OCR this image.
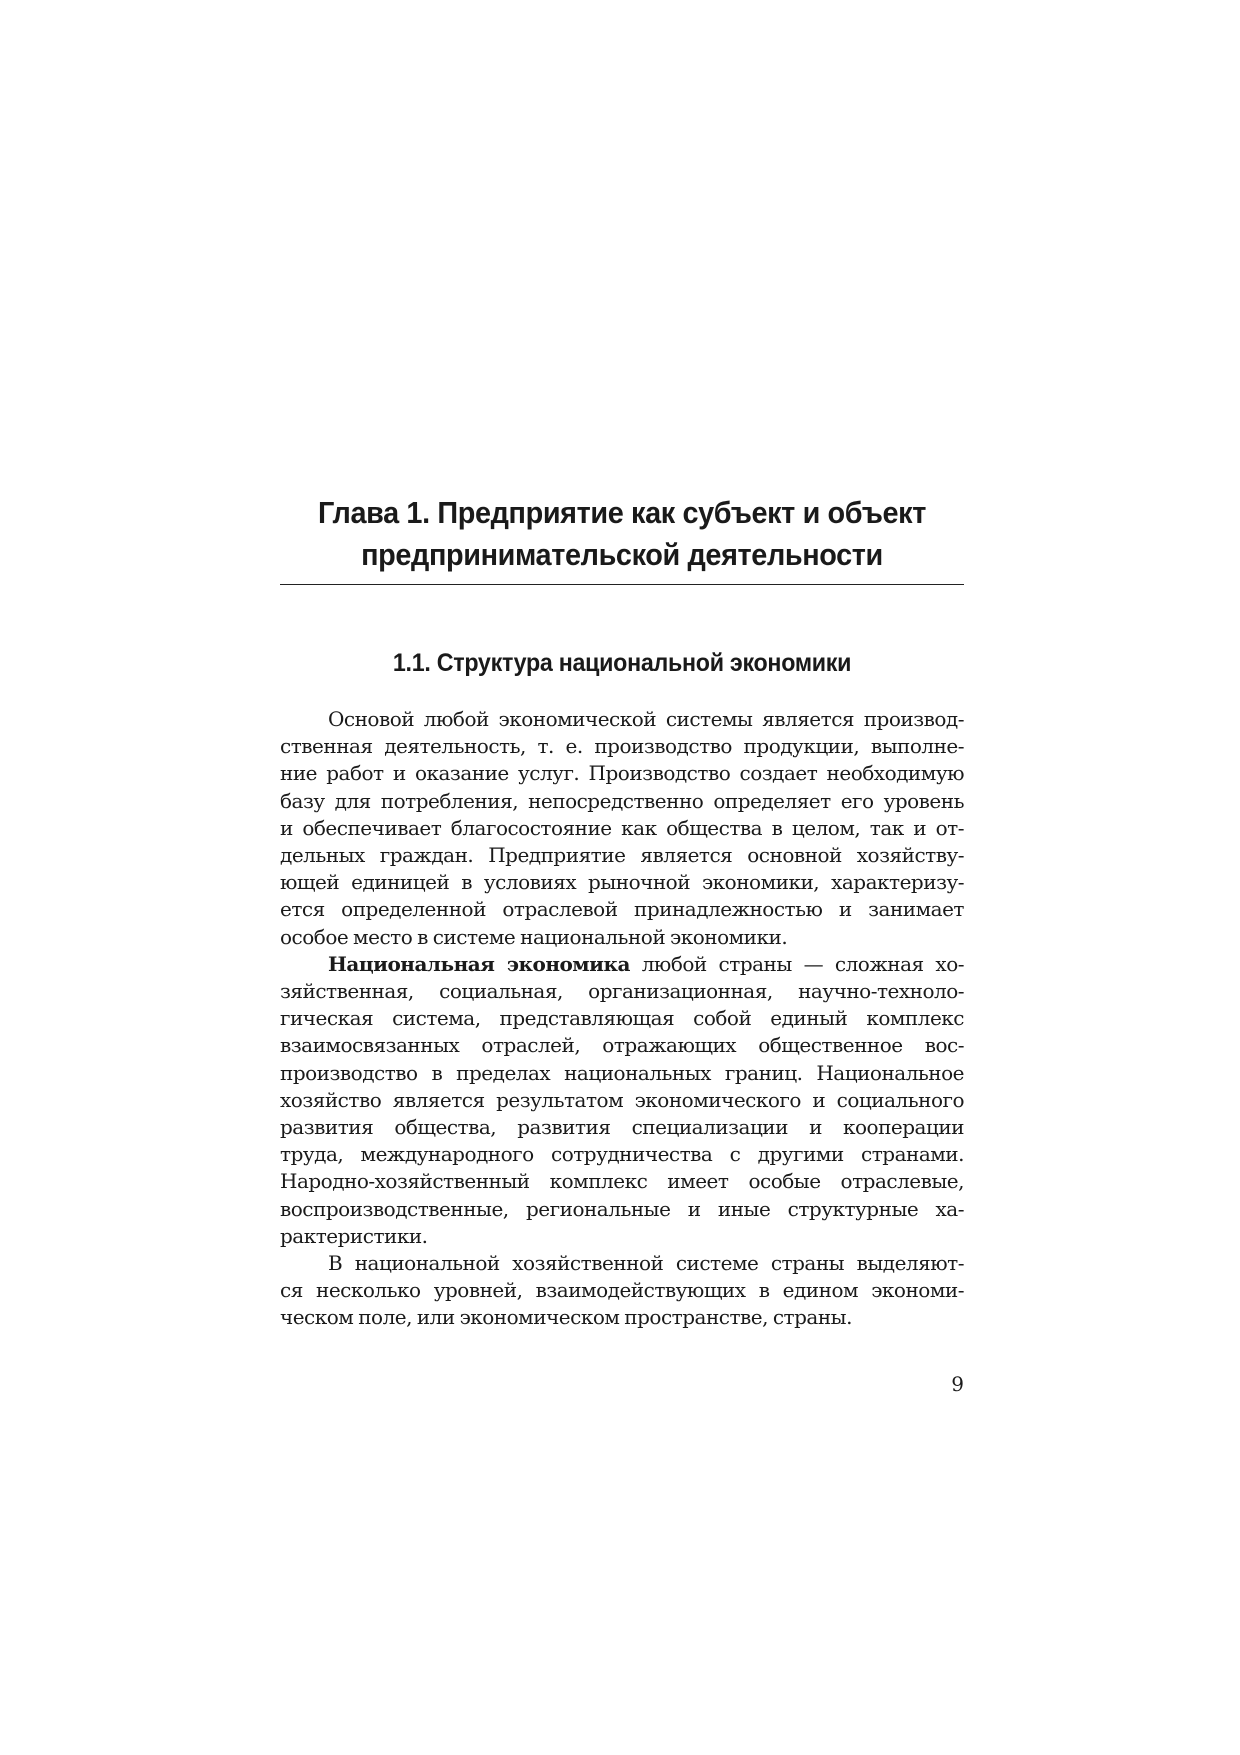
Глава 1. Предприятие как субъект и объект
предпринимательской деятельности
1.1. Структура национальной экономики
Основой любой экономической системы является производ-
ственная деятельность, т. е. производство продукции, выполне-
ние работ и оказание услуг. Производство создает необходимую
базу для потребления, непосредственно определяет его уровень
и обеспечивает благосостояние как общества в целом, так и от-
дельных граждан. Предприятие является основной хозяйству-
ющей единицей в условиях рыночной экономики, характеризу-
ется определенной отраслевой принадлежностью и занимает
особое место в системе национальной экономики.
Национальная экономика любой страны — сложная хо-
зяйственная, социальная, организационная, научно-техноло-
гическая система, представляющая собой единый комплекс
взаимосвязанных отраслей, отражающих общественное вос-
производство в пределах национальных границ. Национальное
хозяйство является результатом экономического и социального
развития общества, развития специализации и кооперации
труда, международного сотрудничества с другими странами.
Народно-хозяйственный комплекс имеет особые отраслевые,
воспроизводственные, региональные и иные структурные ха-
рактеристики.
В национальной хозяйственной системе страны выделяют-
ся несколько уровней, взаимодействующих в едином экономи-
ческом поле, или экономическом пространстве, страны.
9
